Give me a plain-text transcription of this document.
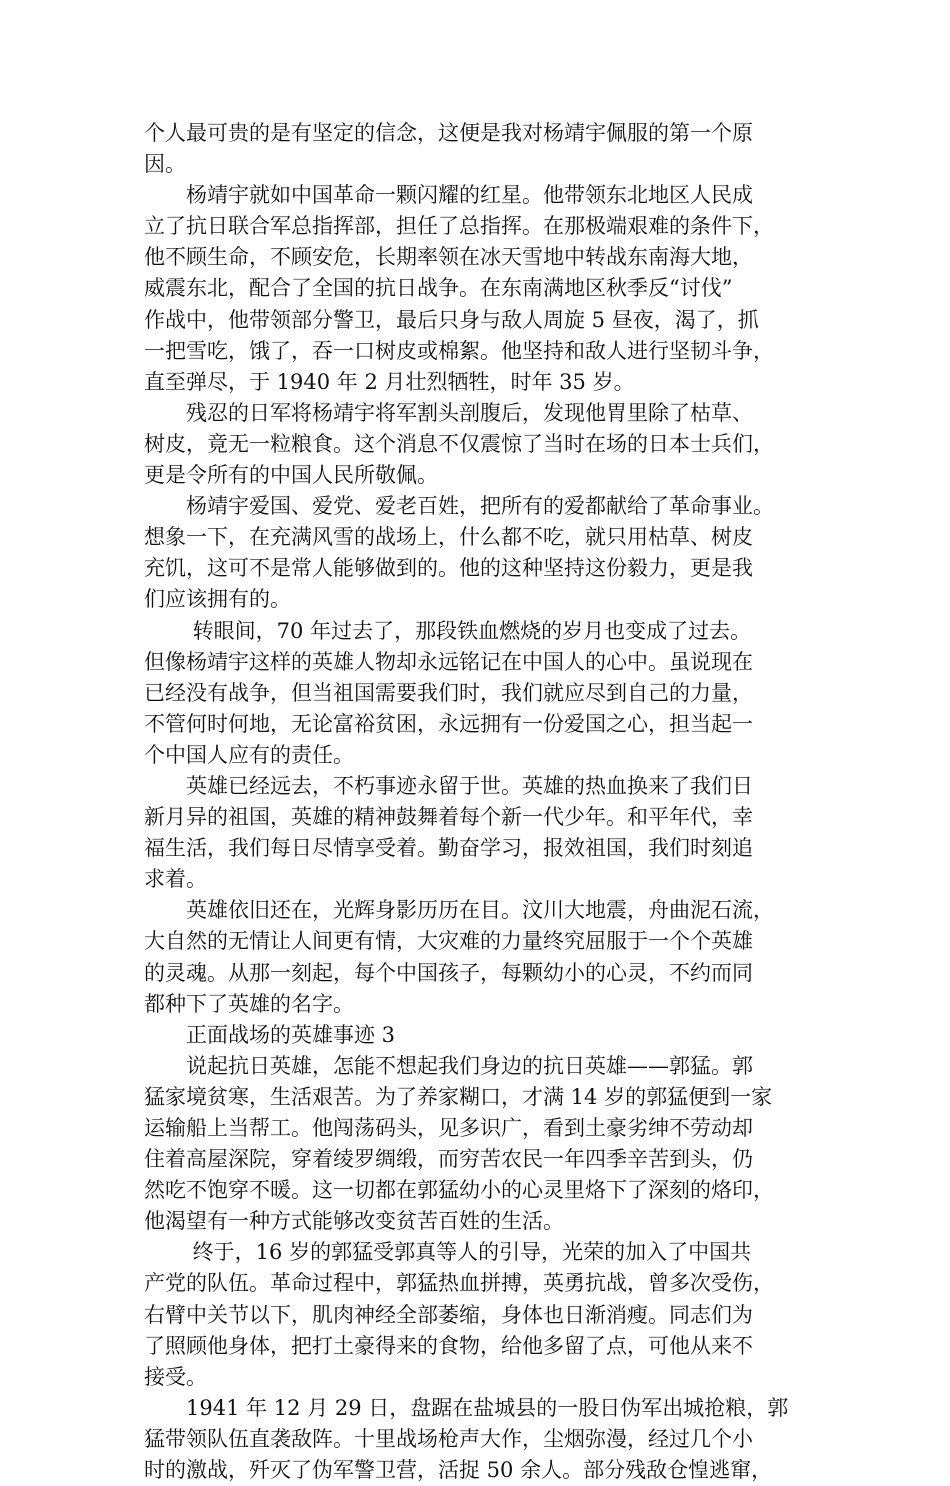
个人最可贵的是有坚定的信念，这便是我对杨靖宇佩服的第一个原
因。
　　杨靖宇就如中国革命一颗闪耀的红星。他带领东北地区人民成
立了抗日联合军总指挥部，担任了总指挥。在那极端艰难的条件下，
他不顾生命，不顾安危，长期率领在冰天雪地中转战东南海大地，
威震东北，配合了全国的抗日战争。在东南满地区秋季反“讨伐”
作战中，他带领部分警卫，最后只身与敌人周旋 5 昼夜，渴了，抓
一把雪吃，饿了，吞一口树皮或棉絮。他坚持和敌人进行坚韧斗争，
直至弹尽，于 1940 年 2 月壮烈牺牲，时年 35 岁。
　　残忍的日军将杨靖宇将军割头剖腹后，发现他胃里除了枯草、
树皮，竟无一粒粮食。这个消息不仅震惊了当时在场的日本士兵们，
更是令所有的中国人民所敬佩。
　　杨靖宇爱国、爱党、爱老百姓，把所有的爱都献给了革命事业。
想象一下，在充满风雪的战场上，什么都不吃，就只用枯草、树皮
充饥，这可不是常人能够做到的。他的这种坚持这份毅力，更是我
们应该拥有的。
　　 转眼间，70 年过去了，那段铁血燃烧的岁月也变成了过去。
但像杨靖宇这样的英雄人物却永远铭记在中国人的心中。虽说现在
已经没有战争，但当祖国需要我们时，我们就应尽到自己的力量，
不管何时何地，无论富裕贫困，永远拥有一份爱国之心，担当起一
个中国人应有的责任。
　　英雄已经远去，不朽事迹永留于世。英雄的热血换来了我们日
新月异的祖国，英雄的精神鼓舞着每个新一代少年。和平年代，幸
福生活，我们每日尽情享受着。勤奋学习，报效祖国，我们时刻追
求着。
　　英雄依旧还在，光辉身影历历在目。汶川大地震，舟曲泥石流，
大自然的无情让人间更有情，大灾难的力量终究屈服于一个个英雄
的灵魂。从那一刻起，每个中国孩子，每颗幼小的心灵，不约而同
都种下了英雄的名字。
　　正面战场的英雄事迹 3
　　说起抗日英雄，怎能不想起我们身边的抗日英雄——郭猛。郭
猛家境贫寒，生活艰苦。为了养家糊口，才满 14 岁的郭猛便到一家
运输船上当帮工。他闯荡码头，见多识广，看到土豪劣绅不劳动却
住着高屋深院，穿着绫罗绸缎，而穷苦农民一年四季辛苦到头，仍
然吃不饱穿不暖。这一切都在郭猛幼小的心灵里烙下了深刻的烙印，
他渴望有一种方式能够改变贫苦百姓的生活。
　　 终于，16 岁的郭猛受郭真等人的引导，光荣的加入了中国共
产党的队伍。革命过程中，郭猛热血拼搏，英勇抗战，曾多次受伤，
右臂中关节以下，肌肉神经全部萎缩，身体也日渐消瘦。同志们为
了照顾他身体，把打土豪得来的食物，给他多留了点，可他从来不
接受。
　　1941 年 12 月 29 日，盘踞在盐城县的一股日伪军出城抢粮，郭
猛带领队伍直袭敌阵。十里战场枪声大作，尘烟弥漫，经过几个小
时的激战，歼灭了伪军警卫营，活捉 50 余人。部分残敌仓惶逃窜，
